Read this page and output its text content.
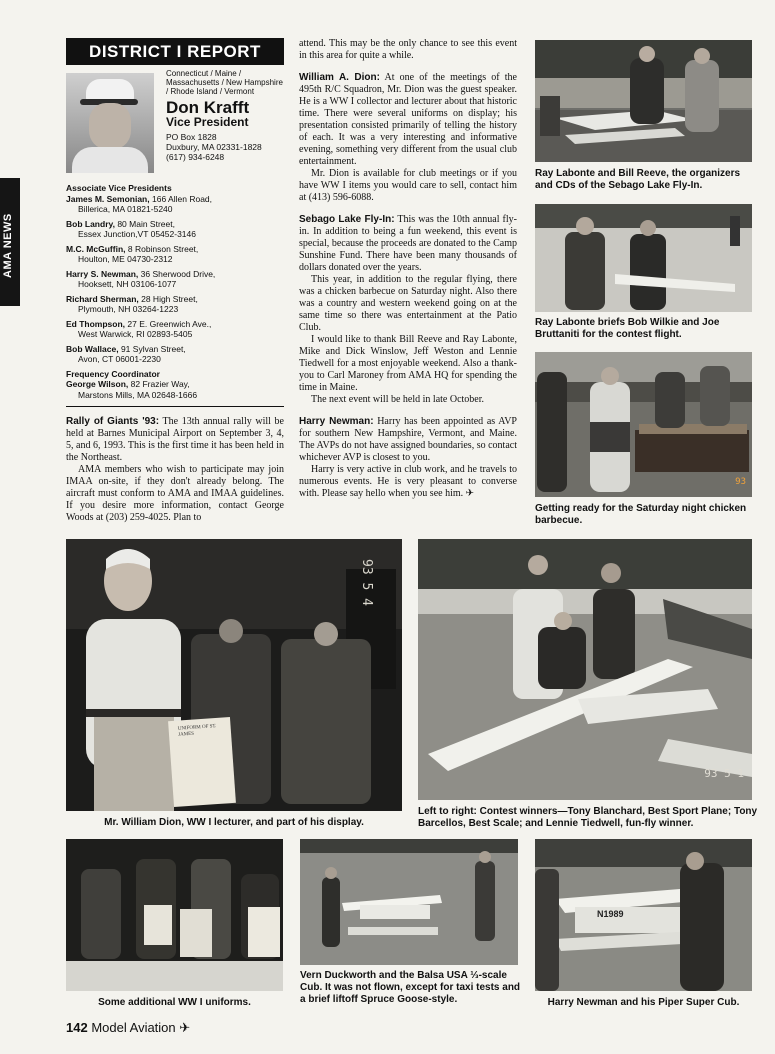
AMA NEWS
DISTRICT I REPORT
Connecticut / Maine / Massachusetts / New Hampshire / Rhode Island / Vermont
Don Krafft
Vice President
PO Box 1828
Duxbury, MA 02331-1828
(617) 934-6248
Associate Vice Presidents
James M. Semonian, 166 Allen Road,
Billerica, MA 01821-5240
Bob Landry, 80 Main Street,
Essex Junction,VT 05452-3146
M.C. McGuffin, 8 Robinson Street,
Houlton, ME 04730-2312
Harry S. Newman, 36 Sherwood Drive,
Hooksett, NH 03106-1077
Richard Sherman, 28 High Street,
Plymouth, NH 03264-1223
Ed Thompson, 27 E. Greenwich Ave.,
West Warwick, RI 02893-5405
Bob Wallace, 91 Sylvan Street,
Avon, CT 06001-2230
Frequency Coordinator
George Wilson, 82 Frazier Way,
Marstons Mills, MA 02648-1666

Rally of Giants '93: The 13th annual rally will be held at Barnes Municipal Airport on September 3, 4, 5, and 6, 1993. This is the first time it has been held in the Northeast.

AMA members who wish to participate may join IMAA on-site, if they don't already belong. The aircraft must conform to AMA and IMAA guidelines. If you desire more information, contact George Woods at (203) 259-4025. Plan to

attend. This may be the only chance to see this event in this area for quite a while.

William A. Dion: At one of the meetings of the 495th R/C Squadron, Mr. Dion was the guest speaker. He is a WW I collector and lecturer about that historic time. There were several uniforms on display; his presentation consisted primarily of telling the history of each. It was a very interesting and informative evening, something very different from the usual club entertainment.

Mr. Dion is available for club meetings or if you have WW I items you would care to sell, contact him at (413) 596-6088.

Sebago Lake Fly-In: This was the 10th annual fly-in. In addition to being a fun weekend, this event is special, because the proceeds are donated to the Camp Sunshine Fund. There have been many thousands of dollars donated over the years.

This year, in addition to the regular flying, there was a chicken barbecue on Saturday night. Also there was a country and western weekend going on at the same time so there was entertainment at the Patio Club.

I would like to thank Bill Reeve and Ray Labonte, Mike and Dick Winslow, Jeff Weston and Lennie Tiedwell for a most enjoyable weekend. Also a thank-you to Carl Maroney from AMA HQ for spending the time in Maine.

The next event will be held in late October.

Harry Newman: Harry has been appointed as AVP for southern New Hampshire, Vermont, and Maine. The AVPs do not have assigned boundaries, so contact whichever AVP is closest to you.

Harry is very active in club work, and he travels to numerous events. He is very pleasant to converse with. Please say hello when you see him. ✈

Ray Labonte and Bill Reeve, the organizers and CDs of the Sebago Lake Fly-In.
Ray Labonte briefs Bob Wilkie and Joe Bruttaniti for the contest flight.
93
Getting ready for the Saturday night chicken barbecue.
UNIFORM OF ST. JAMES
93 5 4
Mr. William Dion, WW I lecturer, and part of his display.
93 5 1
Left to right: Contest winners—Tony Blanchard, Best Sport Plane; Tony Barcellos, Best Scale; and Lennie Tiedwell, fun-fly winner.
Some additional WW I uniforms.
Vern Duckworth and the Balsa USA ⅓-scale Cub. It was not flown, except for taxi tests and a brief liftoff Spruce Goose-style.
N1989
Harry Newman and his Piper Super Cub.
142 Model Aviation ✈
